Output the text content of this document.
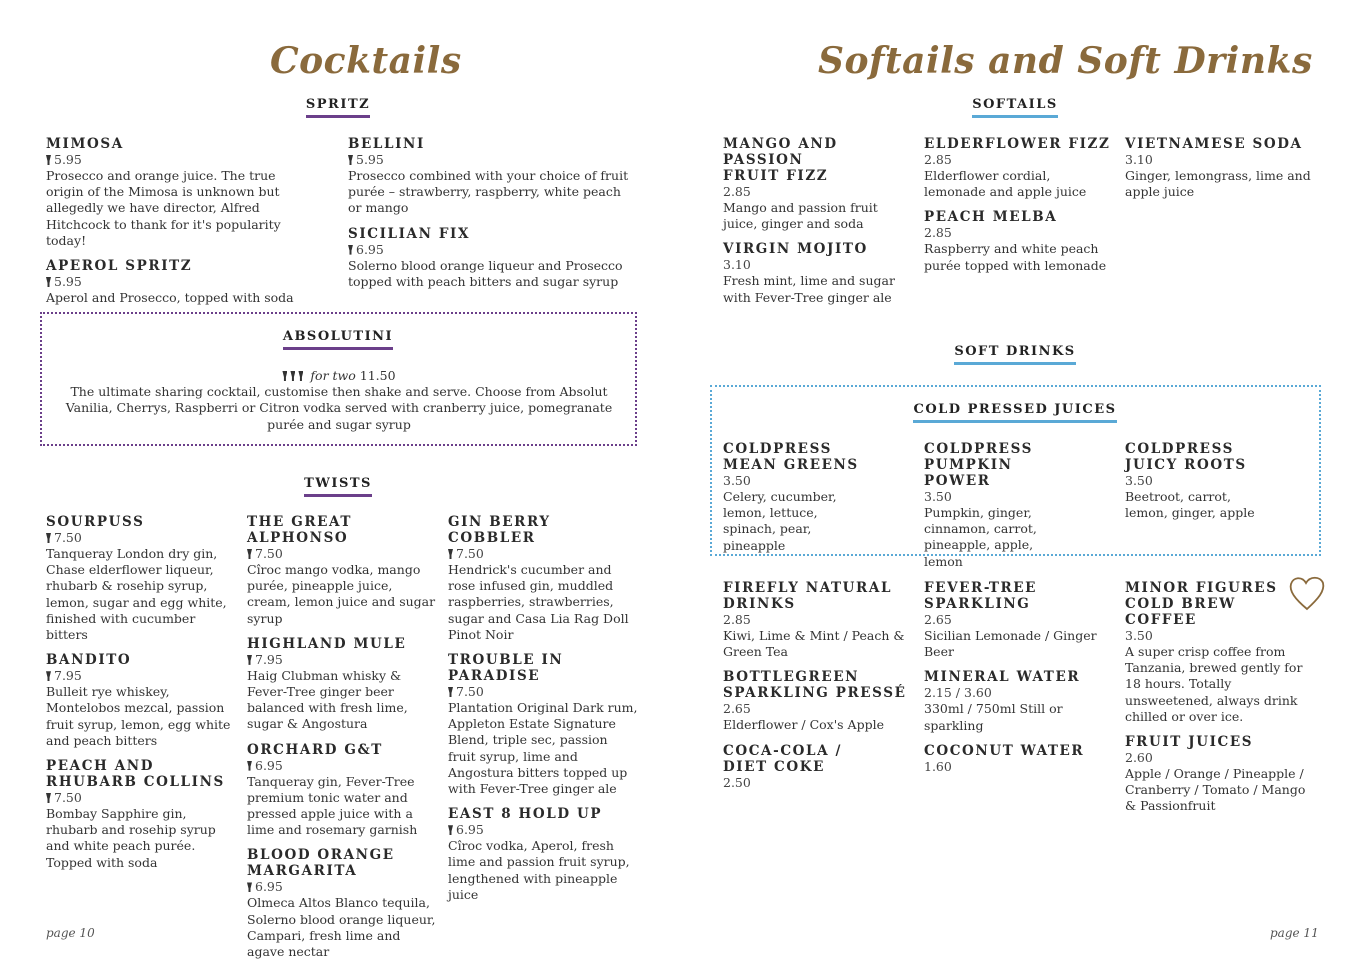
Cocktails
SPRITZ
MIMOSA
5.95
Prosecco and orange juice. The true origin of the Mimosa is unknown but allegedly we have director, Alfred Hitchcock to thank for it's popularity today!
APEROL SPRITZ
5.95
Aperol and Prosecco, topped with soda
BELLINI
5.95
Prosecco combined with your choice of fruit purée – strawberry, raspberry, white peach or mango
SICILIAN FIX
6.95
Solerno blood orange liqueur and Prosecco topped with peach bitters and sugar syrup
ABSOLUTINI
for two 11.50
The ultimate sharing cocktail, customise then shake and serve. Choose from Absolut Vanilia, Cherrys, Raspberri or Citron vodka served with cranberry juice, pomegranate purée and sugar syrup
TWISTS
SOURPUSS
7.50
Tanqueray London dry gin, Chase elderflower liqueur, rhubarb & rosehip syrup, lemon, sugar and egg white, finished with cucumber bitters
BANDITO
7.95
Bulleit rye whiskey, Montelobos mezcal, passion fruit syrup, lemon, egg white and peach bitters
PEACH AND
RHUBARB COLLINS
7.50
Bombay Sapphire gin, rhubarb and rosehip syrup and white peach purée. Topped with soda
THE GREAT ALPHONSO
7.50
Cîroc mango vodka, mango purée, pineapple juice, cream, lemon juice and sugar syrup
HIGHLAND MULE
7.95
Haig Clubman whisky & Fever-Tree ginger beer balanced with fresh lime, sugar & Angostura
ORCHARD G&T
6.95
Tanqueray gin, Fever-Tree premium tonic water and pressed apple juice with a lime and rosemary garnish
BLOOD ORANGE
MARGARITA
6.95
Olmeca Altos Blanco tequila, Solerno blood orange liqueur, Campari, fresh lime and agave nectar
GIN BERRY COBBLER
7.50
Hendrick's cucumber and rose infused gin, muddled raspberries, strawberries, sugar and Casa Lia Rag Doll Pinot Noir
TROUBLE IN
PARADISE
7.50
Plantation Original Dark rum, Appleton Estate Signature Blend, triple sec, passion fruit syrup, lime and Angostura bitters topped up with Fever-Tree ginger ale
EAST 8 HOLD UP
6.95
Cîroc vodka, Aperol, fresh lime and passion fruit syrup, lengthened with pineapple juice
page 10
Softails and Soft Drinks
SOFTAILS
MANGO AND PASSION
FRUIT FIZZ
2.85
Mango and passion fruit juice, ginger and soda
VIRGIN MOJITO
3.10
Fresh mint, lime and sugar with Fever-Tree ginger ale
ELDERFLOWER FIZZ
2.85
Elderflower cordial, lemonade and apple juice
PEACH MELBA
2.85
Raspberry and white peach purée topped with lemonade
VIETNAMESE SODA
3.10
Ginger, lemongrass, lime and apple juice
SOFT DRINKS
COLD PRESSED JUICES
COLDPRESS
MEAN GREENS
3.50
Celery, cucumber, lemon, lettuce, spinach, pear, pineapple
COLDPRESS
PUMPKIN POWER
3.50
Pumpkin, ginger, cinnamon, carrot, pineapple, apple, lemon
COLDPRESS
JUICY ROOTS
3.50
Beetroot, carrot, lemon, ginger, apple
FIREFLY NATURAL
DRINKS
2.85
Kiwi, Lime & Mint / Peach & Green Tea
BOTTLEGREEN
SPARKLING PRESSÉ
2.65
Elderflower / Cox's Apple
COCA-COLA /
DIET COKE
2.50
FEVER-TREE
SPARKLING
2.65
Sicilian Lemonade / Ginger Beer
MINERAL WATER
2.15 / 3.60
330ml / 750ml Still or sparkling
COCONUT WATER
1.60
MINOR FIGURES
COLD BREW COFFEE
3.50
A super crisp coffee from Tanzania, brewed gently for 18 hours. Totally unsweetened, always drink chilled or over ice.
FRUIT JUICES
2.60
Apple / Orange / Pineapple / Cranberry / Tomato / Mango & Passionfruit
page 11
